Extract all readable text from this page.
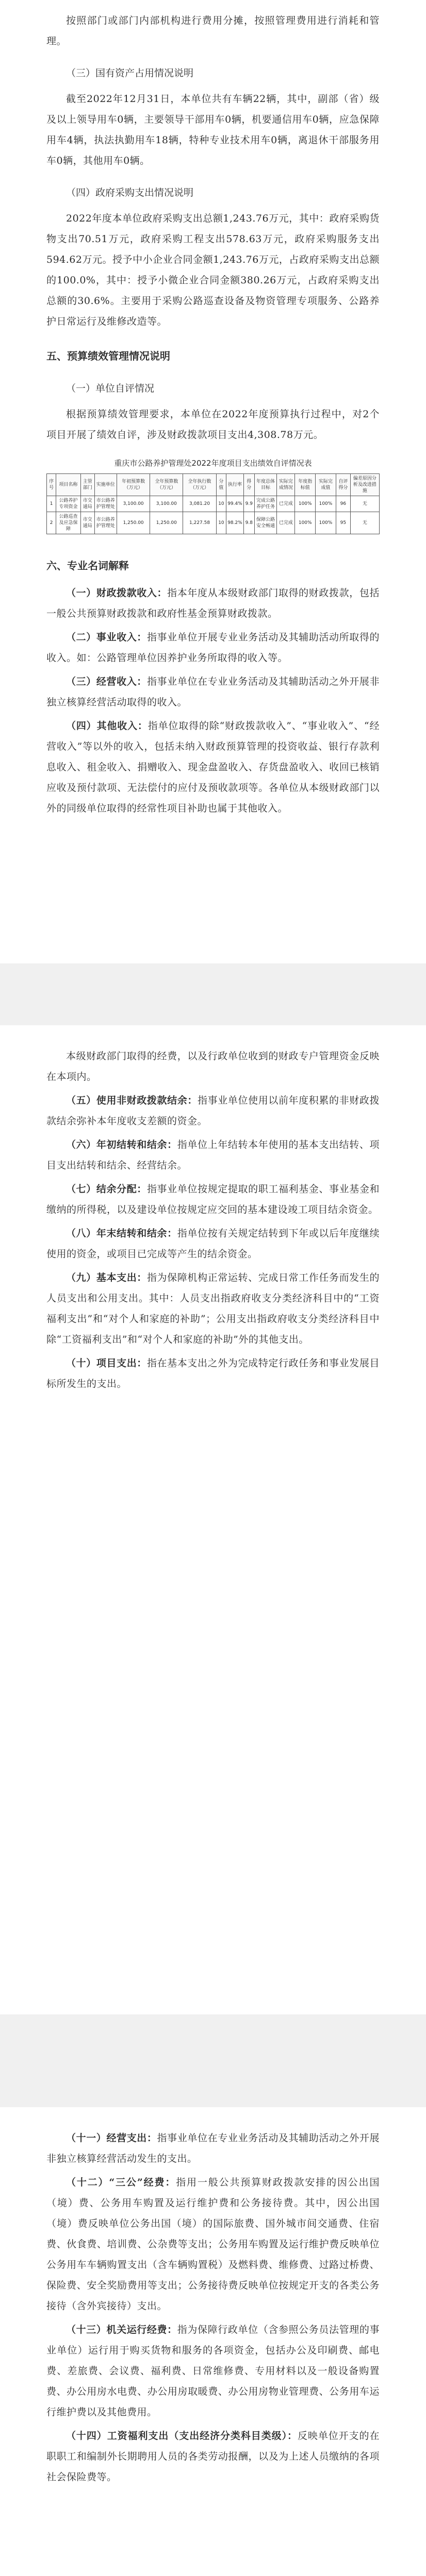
按照部门或部门内部机构进行费用分摊，按照管理费用进行消耗和管理。

（三）国有资产占用情况说明

截至2022年12月31日，本单位共有车辆22辆，其中，副部（省）级及以上领导用车0辆，主要领导干部用车0辆，机要通信用车0辆，应急保障用车4辆，执法执勤用车18辆，特种专业技术用车0辆，离退休干部服务用车0辆，其他用车0辆。

（四）政府采购支出情况说明

2022年度本单位政府采购支出总额1,243.76万元，其中：政府采购货物支出70.51万元，政府采购工程支出578.63万元，政府采购服务支出594.62万元。授予中小企业合同金额1,243.76万元，占政府采购支出总额的100.0%，其中：授予小微企业合同金额380.26万元，占政府采购支出总额的30.6%。主要用于采购公路巡查设备及物资管理专项服务、公路养护日常运行及维修改造等。

五、预算绩效管理情况说明
（一）单位自评情况

根据预算绩效管理要求，本单位在2022年度预算执行过程中，对2个项目开展了绩效自评，涉及财政拨款项目支出4,308.78万元。

重庆市公路养护管理处2022年度项目支出绩效自评情况表
序号	项目名称	主管部门	实施单位	年初预算数（万元）	全年预算数（万元）	全年执行数（万元）	分值	执行率	得分	年度总体目标	实际完成情况	年度指标值	实际完成值	自评得分	偏差原因分析及改进措施
1	公路养护专项资金	市交通局	市公路养护管理处	3,100.00	3,100.00	3,081.20	10	99.4%	9.9	完成公路养护任务	已完成	100%	100%	96	无
2	公路巡查及应急保障	市交通局	市公路养护管理处	1,250.00	1,250.00	1,227.58	10	98.2%	9.8	保障公路安全畅通	已完成	100%	100%	95	无
六、专业名词解释

（一）财政拨款收入：指本年度从本级财政部门取得的财政拨款，包括一般公共预算财政拨款和政府性基金预算财政拨款。

（二）事业收入：指事业单位开展专业业务活动及其辅助活动所取得的收入。如：公路管理单位因养护业务所取得的收入等。

（三）经营收入：指事业单位在专业业务活动及其辅助活动之外开展非独立核算经营活动取得的收入。

（四）其他收入：指单位取得的除“财政拨款收入”、“事业收入”、“经营收入”等以外的收入，包括未纳入财政预算管理的投资收益、银行存款利息收入、租金收入、捐赠收入、现金盘盈收入、存货盘盈收入、收回已核销应收及预付款项、无法偿付的应付及预收款项等。各单位从本级财政部门以外的同级单位取得的经常性项目补助也属于其他收入。

本级财政部门取得的经费，以及行政单位收到的财政专户管理资金反映在本项内。

（五）使用非财政拨款结余：指事业单位使用以前年度积累的非财政拨款结余弥补本年度收支差额的资金。

（六）年初结转和结余：指单位上年结转本年使用的基本支出结转、项目支出结转和结余、经营结余。

（七）结余分配：指事业单位按规定提取的职工福利基金、事业基金和缴纳的所得税，以及建设单位按规定应交回的基本建设竣工项目结余资金。

（八）年末结转和结余：指单位按有关规定结转到下年或以后年度继续使用的资金，或项目已完成等产生的结余资金。

（九）基本支出：指为保障机构正常运转、完成日常工作任务而发生的人员支出和公用支出。其中：人员支出指政府收支分类经济科目中的“工资福利支出”和“对个人和家庭的补助”；公用支出指政府收支分类经济科目中除“工资福利支出”和“对个人和家庭的补助”外的其他支出。

（十）项目支出：指在基本支出之外为完成特定行政任务和事业发展目标所发生的支出。

（十一）经营支出：指事业单位在专业业务活动及其辅助活动之外开展非独立核算经营活动发生的支出。

（十二）“三公”经费：指用一般公共预算财政拨款安排的因公出国（境）费、公务用车购置及运行维护费和公务接待费。其中，因公出国（境）费反映单位公务出国（境）的国际旅费、国外城市间交通费、住宿费、伙食费、培训费、公杂费等支出；公务用车购置及运行维护费反映单位公务用车车辆购置支出（含车辆购置税）及燃料费、维修费、过路过桥费、保险费、安全奖励费用等支出；公务接待费反映单位按规定开支的各类公务接待（含外宾接待）支出。

（十三）机关运行经费：指为保障行政单位（含参照公务员法管理的事业单位）运行用于购买货物和服务的各项资金，包括办公及印刷费、邮电费、差旅费、会议费、福利费、日常维修费、专用材料以及一般设备购置费、办公用房水电费、办公用房取暖费、办公用房物业管理费、公务用车运行维护费以及其他费用。

（十四）工资福利支出（支出经济分类科目类级）：反映单位开支的在职职工和编制外长期聘用人员的各类劳动报酬，以及为上述人员缴纳的各项社会保险费等。
